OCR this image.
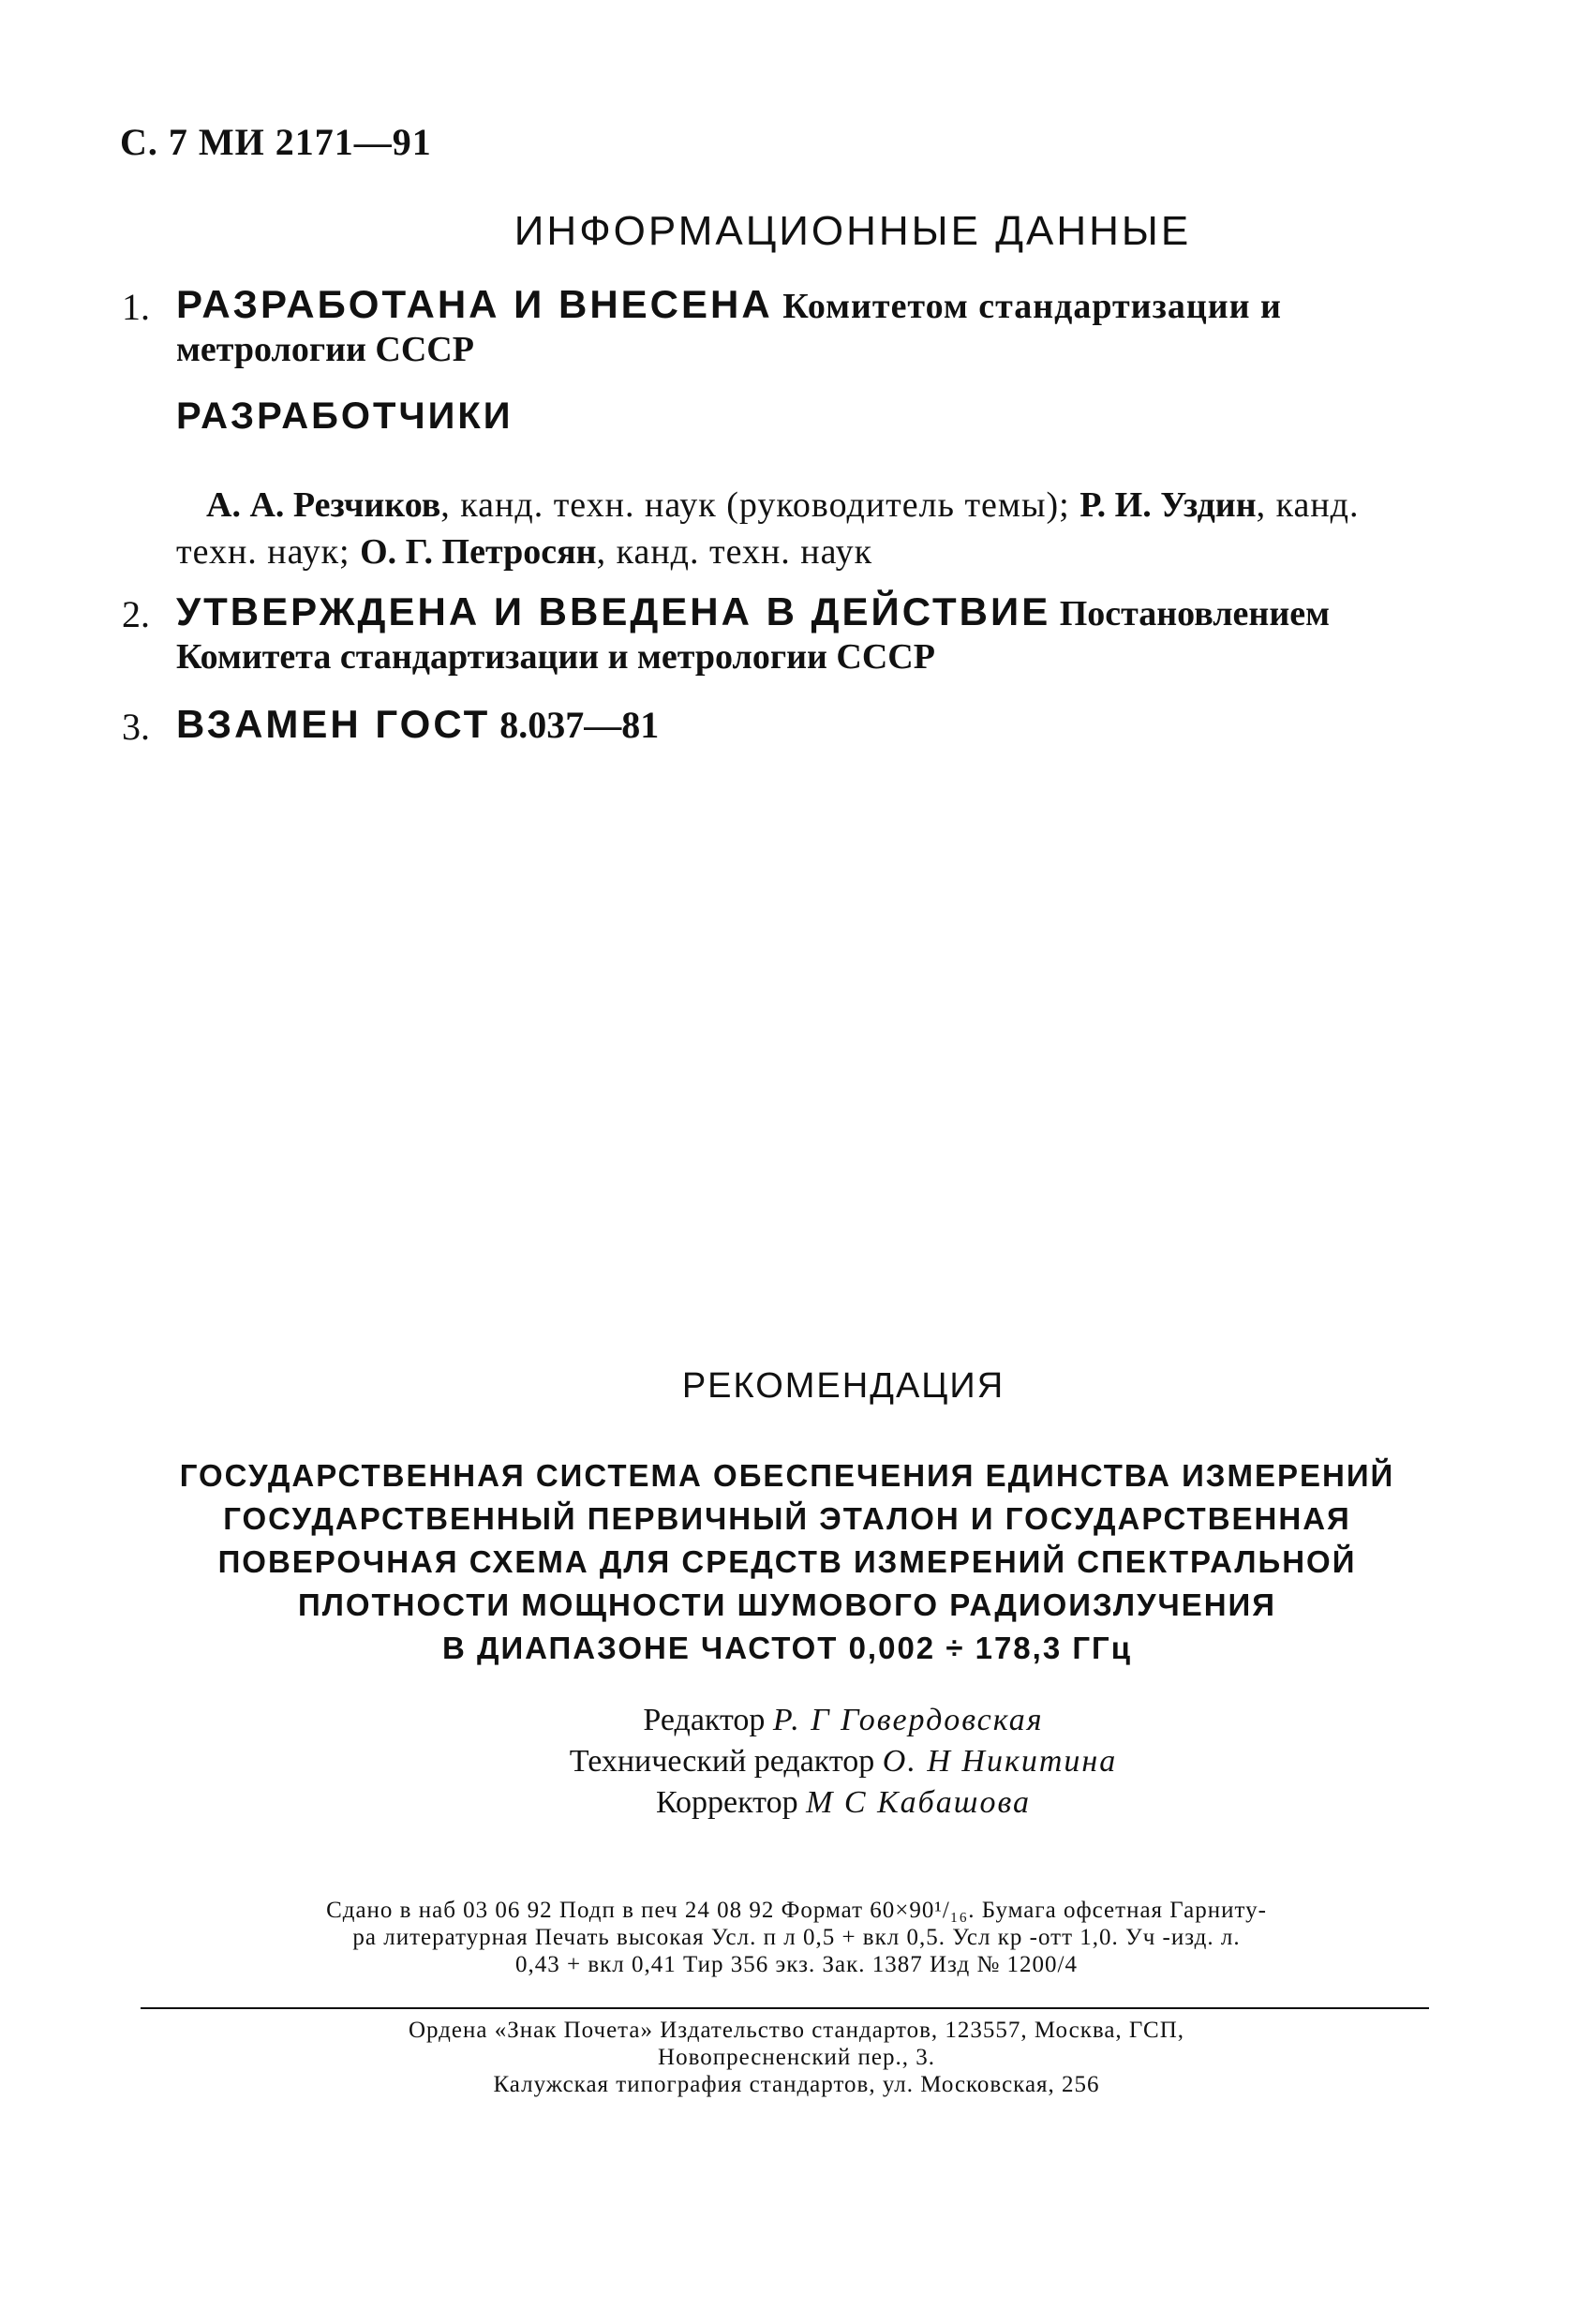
С. 7 МИ 2171—91
ИНФОРМАЦИОННЫЕ ДАННЫЕ
1. РАЗРАБОТАНА И ВНЕСЕНА Комитетом стандартизации и
метрологии СССР
РАЗРАБОТЧИКИ
А. А. Резчиков, канд. техн. наук (руководитель темы); Р. И. Уздин, канд. техн. наук; О. Г. Петросян, канд. техн. наук
2. УТВЕРЖДЕНА И ВВЕДЕНА В ДЕЙСТВИЕ Постановлением
Комитета стандартизации и метрологии СССР
3. ВЗАМЕН ГОСТ 8.037—81
РЕКОМЕНДАЦИЯ
ГОСУДАРСТВЕННАЯ СИСТЕМА ОБЕСПЕЧЕНИЯ ЕДИНСТВА ИЗМЕРЕНИЙ
ГОСУДАРСТВЕННЫЙ ПЕРВИЧНЫЙ ЭТАЛОН И ГОСУДАРСТВЕННАЯ
ПОВЕРОЧНАЯ СХЕМА ДЛЯ СРЕДСТВ ИЗМЕРЕНИЙ СПЕКТРАЛЬНОЙ
ПЛОТНОСТИ МОЩНОСТИ ШУМОВОГО РАДИОИЗЛУЧЕНИЯ
В ДИАПАЗОНЕ ЧАСТОТ 0,002 ÷ 178,3 ГГц
Редактор Р. Г Говердовская
Технический редактор О. Н Никитина
Корректор М С Кабашова
Сдано в наб 03 06 92 Подп в печ 24 08 92 Формат 60×90¹/₁₆. Бумага офсетная Гарниту-
ра литературная Печать высокая Усл. п л 0,5 + вкл 0,5. Усл кр -отт 1,0. Уч -изд. л.
0,43 + вкл 0,41 Тир 356 экз. Зак. 1387 Изд № 1200/4
Ордена «Знак Почета» Издательство стандартов, 123557, Москва, ГСП,
Новопресненский пер., 3.
Калужская типография стандартов, ул. Московская, 256
